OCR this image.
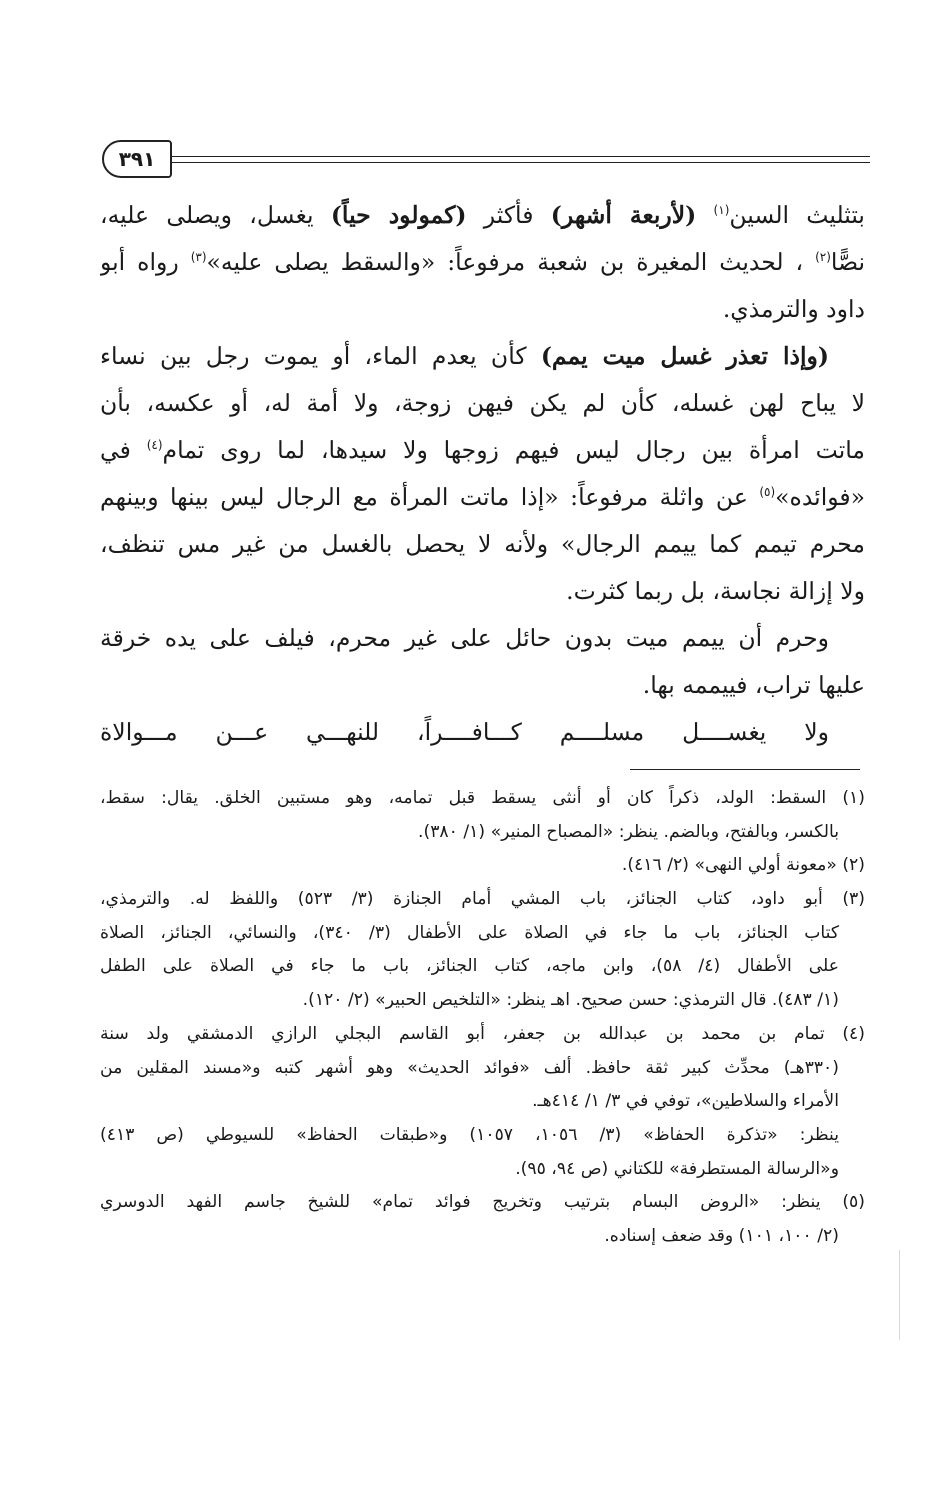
٣٩١
بتثليث السين$^{(١)}$ (لأربعة أشهر) فأكثر (كمولود حياً) يغسل، ويصلى عليه،
نصًّا$^{(٢)}$ ، لحديث المغيرة بن شعبة مرفوعاً: «والسقط يصلى عليه»$^{(٣)}$ رواه أبو
داود والترمذي.
(وإذا تعذر غسل ميت يمم) كأن يعدم الماء، أو يموت رجل بين نساء
لا يباح لهن غسله، كأن لم يكن فيهن زوجة، ولا أمة له، أو عكسه، بأن
ماتت امرأة بين رجال ليس فيهم زوجها ولا سيدها، لما روى تمام$^{(٤)}$ في
«فوائده»$^{(٥)}$ عن واثلة مرفوعاً: «إذا ماتت المرأة مع الرجال ليس بينها وبينهم
محرم تيمم كما ييمم الرجال» ولأنه لا يحصل بالغسل من غير مس تنظف،
ولا إزالة نجاسة، بل ربما كثرت.
وحرم أن ييمم ميت بدون حائل على غير محرم، فيلف على يده خرقة
عليها تراب، فييممه بها.
ولا يغســــل مسلــــم كـــافــــراً، للنهـــي عـــن مـــوالاة
(١) السقط: الولد، ذكراً كان أو أنثى يسقط قبل تمامه، وهو مستبين الخلق. يقال: سقط،
بالكسر، وبالفتح، وبالضم. ينظر: «المصباح المنير» (١/ ٣٨٠).
(٢) «معونة أولي النهى» (٢/ ٤١٦).
(٣) أبو داود، كتاب الجنائز، باب المشي أمام الجنازة (٣/ ٥٢٣) واللفظ له. والترمذي،
كتاب الجنائز، باب ما جاء في الصلاة على الأطفال (٣/ ٣٤٠)، والنسائي، الجنائز، الصلاة
على الأطفال (٤/ ٥٨)، وابن ماجه، كتاب الجنائز، باب ما جاء في الصلاة على الطفل
(١/ ٤٨٣). قال الترمذي: حسن صحيح. اهـ ينظر: «التلخيص الحبير» (٢/ ١٢٠).
(٤) تمام بن محمد بن عبدالله بن جعفر، أبو القاسم البجلي الرازي الدمشقي ولد سنة
(٣٣٠هـ) محدِّث كبير ثقة حافظ. ألف «فوائد الحديث» وهو أشهر كتبه و«مسند المقلين من
الأمراء والسلاطين»، توفي في ٣/ ١/ ٤١٤هـ.
ينظر: «تذكرة الحفاظ» (٣/ ١٠٥٦، ١٠٥٧) و«طبقات الحفاظ» للسيوطي (ص ٤١٣)
و«الرسالة المستطرفة» للكتاني (ص ٩٤، ٩٥).
(٥) ينظر: «الروض البسام بترتيب وتخريج فوائد تمام» للشيخ جاسم الفهد الدوسري
(٢/ ١٠٠، ١٠١) وقد ضعف إسناده.
